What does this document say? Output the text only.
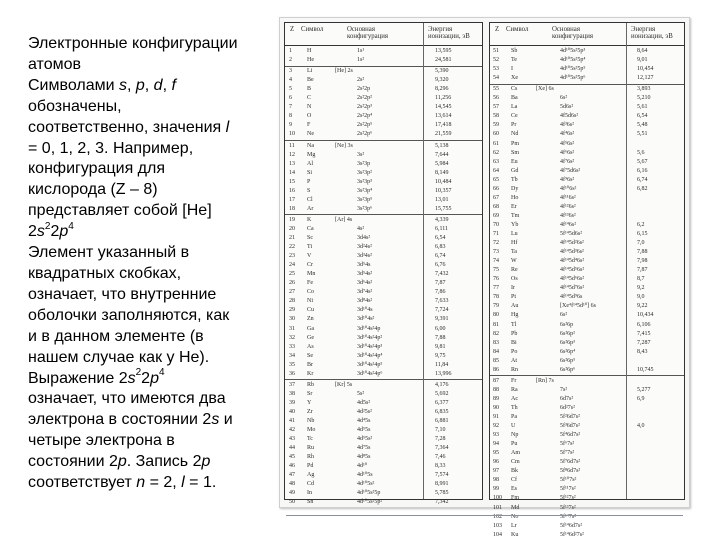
Электронные конфигурации

атомов

Символами s, p, d, f

обозначены,

соответственно, значения l

= 0, 1, 2, 3. Например,

конфигурация для

кислорода (Z – 8)

представляет собой [He]

$2s^22p^4$

Элемент указанный в

квадратных скобках,

означает, что внутренние

оболочки заполняются, как

и в данном элементе (в

нашем случае как у He).

Выражение $2s^22p^4$

означает, что имеются два

электрона в состоянии 2s и

четыре электрона в

состоянии 2p. Запись 2p

соответствует n = 2, l = 1.

Z Символ	Основная
конфигурация
Энергия
ионизации, эВ
1	H	1s¹	13,595
2	He	1s²	24,581
3	Li	[He] 2s	5,390
4	Be	2s²	9,320
5	B	2s²2p	8,296
6	C	2s²2p²	11,256
7	N	2s²2p³	14,545
8	O	2s²2p⁴	13,614
9	F	2s²2p⁵	17,418
10 Ne	2s²2p⁶	21,559
11 Na	[Ne] 3s	5,138
12 Mg	3s²	7,644
13 Al	3s²3p	5,984
14 Si	3s²3p²	8,149
15 P	3s²3p³	10,484
16 S	3s²3p⁴	10,357
17 Cl	3s²3p⁵	13,01
18 Ar	3s²3p⁶	15,755
19 K	[Ar] 4s	4,339
20 Ca	4s²	6,111
21 Sc	3d4s²	6,54
22 Ti	3d²4s²	6,83
23 V	3d³4s²	6,74
24 Cr	3d⁵4s	6,76
25 Mn	3d⁵4s²	7,432
26 Fe	3d⁶4s²	7,87
27 Co	3d⁷4s²	7,86
28 Ni	3d⁸4s²	7,633
29 Cu	3d¹⁰4s	7,724
30 Zn	3d¹⁰4s²	9,391
31 Ga	3d¹⁰4s²4p	6,00
32 Ge	3d¹⁰4s²4p²	7,88
33 As	3d¹⁰4s²4p³	9,81
34 Se	3d¹⁰4s²4p⁴	9,75
35 Br	3d¹⁰4s²4p⁵	11,84
36 Kr	3d¹⁰4s²4p⁶	13,996
37 Rb	[Kr] 5s	4,176
38 Sr	5s²	5,692
39 Y	4d5s²	6,377
40 Zr	4d²5s²	6,835
41 Nb	4d⁴5s	6,881
42 Mo	4d⁵5s	7,10
43 Tc	4d⁵5s²	7,28
44 Ru	4d⁷5s	7,364
45 Rh	4d⁸5s	7,46
46 Pd	4d¹⁰	8,33
47 Ag	4d¹⁰5s	7,574
48 Cd	4d¹⁰5s²	8,991
49 In	4d¹⁰5s²5p	5,785
50 Sn	4d¹⁰5s²5p²	7,342
Z Символ	Основная
конфигурация
Энергия
ионизации, эВ
51 Sb	4d¹⁰5s²5p³	8,64
52 Te	4d¹⁰5s²5p⁴	9,01
53 I	4d¹⁰5s²5p⁵	10,454
54 Xe	4d¹⁰5s²5p⁶	12,127
55 Cs	[Xe] 6s	3,893
56 Ba	6s²	5,210
57 La	5d6s²	5,61
58 Ce	4f5d6s²	6,54
59 Pr	4f³6s²	5,48
60 Nd	4f⁴6s²	5,51
61 Pm	4f⁵6s²
62 Sm	4f⁶6s²	5,6
63 Eu	4f⁷6s²	5,67
64 Gd	4f⁷5d6s²	6,16
65 Tb	4f⁹6s²	6,74
66 Dy	4f¹⁰6s²	6,82
67 Ho	4f¹¹6s²
68 Er	4f¹²6s²
69 Tm	4f¹³6s²
70 Yb	4f¹⁴6s²	6,2
71 Lu	5f¹⁴5d6s²	6,15
72 Hf	4f¹⁴5d²6s²	7,0
73 Ta	4f¹⁴5d³6s²	7,88
74 W	4f¹⁴5d⁴6s²	7,98
75 Re	4f¹⁴5d⁵6s²	7,87
76 Os	4f¹⁴5d⁶6s²	8,7
77 Ir	4f¹⁴5d⁷6s²	9,2
78 Pt	4f¹⁴5d⁹6s	9,0
79 Au	[Xe⁴f¹⁴5d¹⁰] 6s	9,22
80 Hg	6s²	10,434
81 Tl	6s²6p	6,106
82 Pb	6s²6p²	7,415
83 Bi	6s²6p³	7,287
84 Po	6s²6p⁴	8,43
85 At	6s²6p⁵
86 Rn	6s²6p⁶	10,745
87 Fr	[Rn] 7s
88 Ra	7s²	5,277
89 Ac	6d7s²	6,9
90 Th	6d²7s²
91 Pa	5f²6d7s²
92 U	5f³6d7s²	4,0
93 Np	5f⁴6d7s²
94 Pu	5f⁶7s²
95 Am	5f⁷7s²
96 Cm	5f⁷6d7s²
97 Bk	5f⁸6d7s²
98 Cf	5f¹⁰7s²
99 Es	5f¹¹7s²
100 Fm	5f¹²7s²
101 Md	5f¹³7s²
102 No	5f¹⁴7s²
103 Lr	5f¹⁴6d7s²
104 Ku	5f¹⁴6d²7s²
